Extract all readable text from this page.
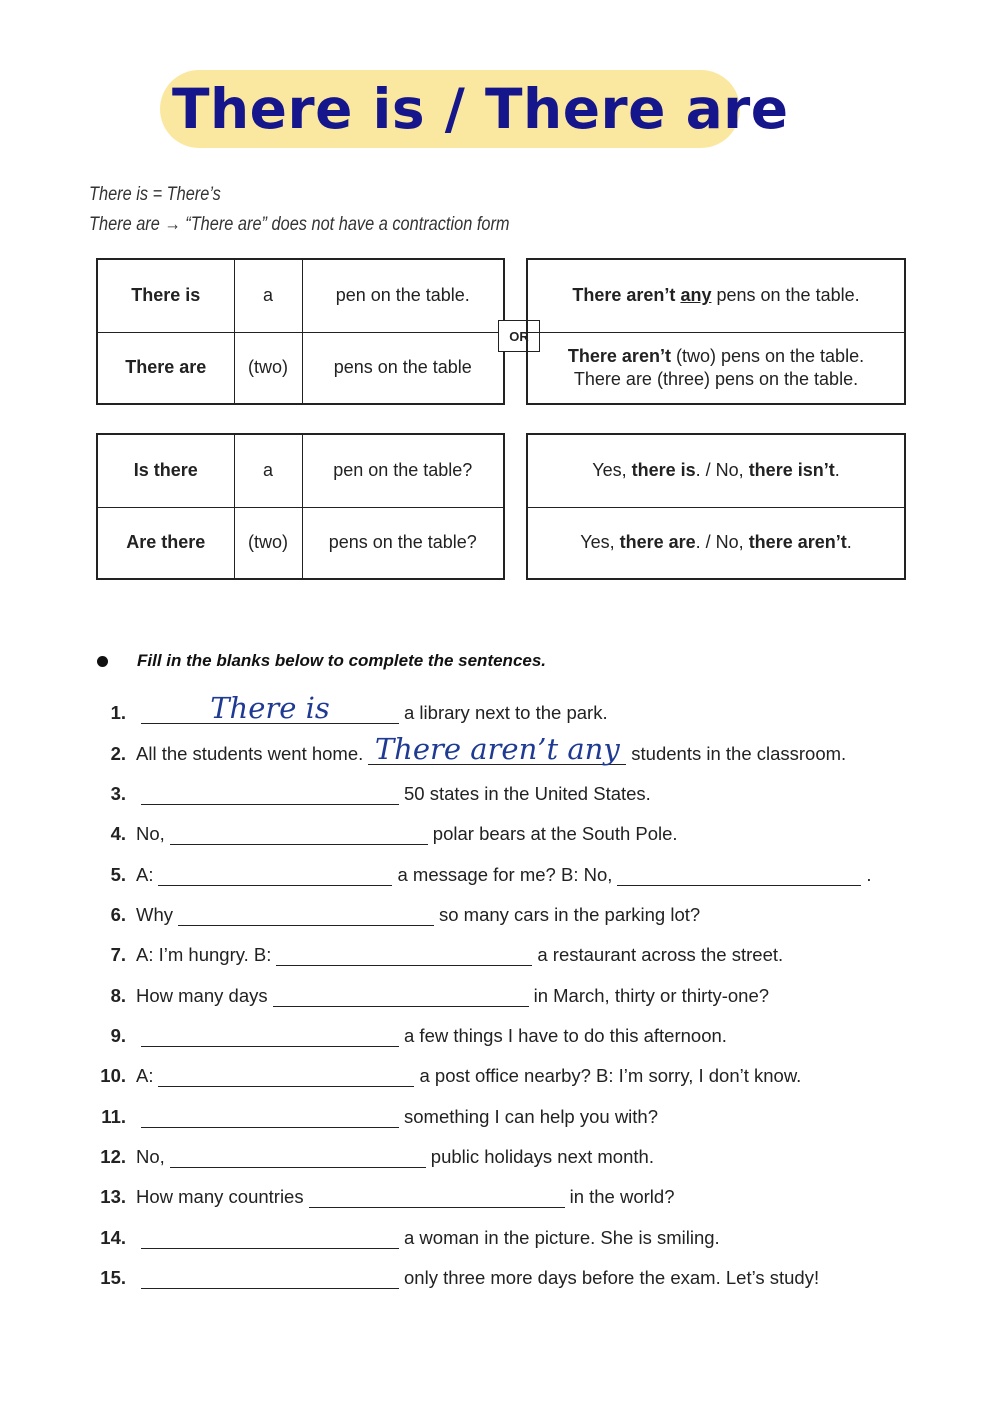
There is / There are
There is = There’s
There are → “There are” does not have a contraction form
There is	a	pen on the table.
There are	(two)	pens on the table
OR
There aren’t any pens on the table.
There aren’t (two) pens on the table.
There are (three) pens on the table.
Is there	a	pen on the table?
Are there	(two)	pens on the table?
Yes, there is. / No, there isn’t.
Yes, there are. / No, there aren’t.
Fill in the blanks below to complete the sentences.
1.	There is	a library next to the park.
2. All the students went home. There aren’t any students in the classroom.
3.	50 states in the United States.
4. No,	polar bears at the South Pole.
5. A:	a message for me? B: No,	.
6. Why	so many cars in the parking lot?
7. A: I’m hungry. B:	a restaurant across the street.
8. How many days	in March, thirty or thirty-one?
9.	a few things I have to do this afternoon.
10. A:	a post office nearby? B: I’m sorry, I don’t know.
11.	something I can help you with?
12. No,	public holidays next month.
13. How many countries	in the world?
14.	a woman in the picture. She is smiling.
15.	only three more days before the exam. Let’s study!
